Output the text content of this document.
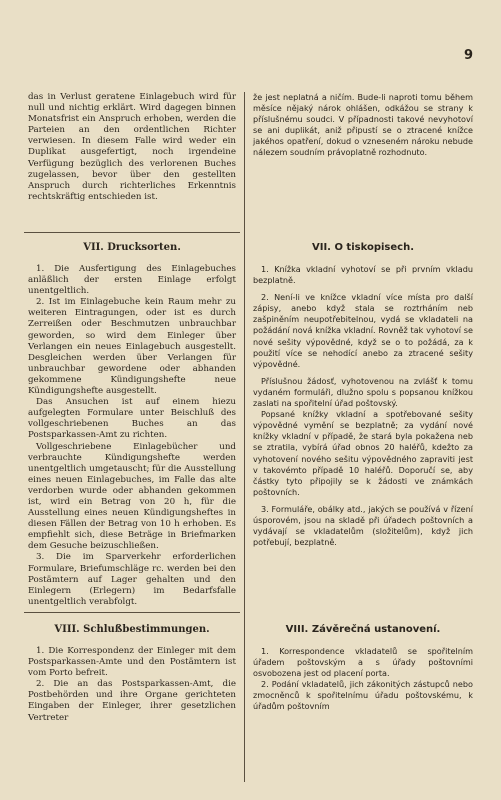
9

das in Verlust geratene Einlagebuch wird für null und nichtig erklärt. Wird dagegen binnen Monatsfrist ein Anspruch erhoben, werden die Parteien an den ordentlichen Richter verwiesen. In diesem Falle wird weder ein Duplikat ausgefertigt, noch irgendeine Verfügung bezüglich des verlorenen Buches zugelassen, bevor über den gestellten Anspruch durch richterliches Erkenntnis rechtskräftig entschieden ist.

VII. Drucksorten.

1. Die Ausfertigung des Einlagebuches anläßlich der ersten Einlage erfolgt unentgeltlich.

2. Ist im Einlagebuche kein Raum mehr zu weiteren Eintragungen, oder ist es durch Zerreißen oder Beschmutzen unbrauchbar geworden, so wird dem Einleger über Verlangen ein neues Einlagebuch ausgestellt. Desgleichen werden über Verlangen für unbrauchbar gewordene oder abhanden gekommene Kündigungshefte neue Kündigungshefte ausgestellt.

Das Ansuchen ist auf einem hiezu aufgelegten Formulare unter Beischluß des vollgeschriebenen Buches an das Postsparkassen-Amt zu richten.

Vollgeschriebene Einlagebücher und verbrauchte Kündigungshefte werden unentgeltlich umgetauscht; für die Ausstellung eines neuen Einlagebuches, im Falle das alte verdorben wurde oder abhanden gekommen ist, wird ein Betrag von 20 h, für die Ausstellung eines neuen Kündigungsheftes in diesen Fällen der Betrag von 10 h erhoben. Es empfiehlt sich, diese Beträge in Briefmarken dem Gesuche beizuschließen.

3. Die im Sparverkehr erforderlichen Formulare, Briefumschläge rc. werden bei den Postämtern auf Lager gehalten und den Einlegern (Erlegern) im Bedarfsfalle unentgeltlich verabfolgt.

VIII. Schlußbestimmungen.

1. Die Korrespondenz der Einleger mit dem Postsparkassen-Amte und den Postämtern ist vom Porto befreit.

2. Die an das Postsparkassen-Amt, die Postbehörden und ihre Organe gerichteten Eingaben der Einleger, ihrer gesetzlichen Vertreter

že jest neplatná a ničím. Bude-li naproti tomu během měsíce nějaký nárok ohlášen, odkážou se strany k příslušnému soudci. V případnosti takové nevyhotoví se ani duplikát, aniž připustí se o ztracené knížce jakéhos opatření, dokud o vzneseném nároku nebude nálezem soudním právoplatně rozhodnuto.

VII. O tiskopisech.

1. Knížka vkladní vyhotoví se při prvním vkladu bezplatně.

2. Není-li ve knížce vkladní více místa pro další zápisy, anebo když stala se roztrháním neb zašpiněním neupotřebitelnou, vydá se vkladateli na požádání nová knížka vkladní. Rovněž tak vyhotoví se nové sešity výpovědné, když se o to požádá, za k použití více se nehodící anebo za ztracené sešity výpovědné.

Příslušnou žádosť, vyhotovenou na zvlášť k tomu vydaném formuláři, dlužno spolu s popsanou knížkou zaslati na spořitelní úřad poštovský.

Popsané knížky vkladní a spotřebované sešity výpovědné vymění se bezplatně; za vydání nové knížky vkladní v případě, že stará byla pokažena neb se ztratila, vybírá úřad obnos 20 haléřů, kdežto za vyhotovení nového sešitu výpovědného zapraviti jest v takovémto případě 10 haléřů. Doporučí se, aby částky tyto připojily se k žádosti ve známkách poštovních.

3. Formuláře, obálky atd., jakých se používá v řízení úsporovém, jsou na skladě při úřadech poštovních a vydávají se vkladatelům (složitelům), když jich potřebují, bezplatně.

VIII. Závěrečná ustanovení.

1. Korrespondence vkladatelů se spořitelním úřadem poštovským a s úřady poštovními osvobozena jest od placení porta.

2. Podání vkladatelů, jich zákonitých zástupců nebo zmocněnců k spořitelnímu úřadu poštovskému, k úřadům poštovním
